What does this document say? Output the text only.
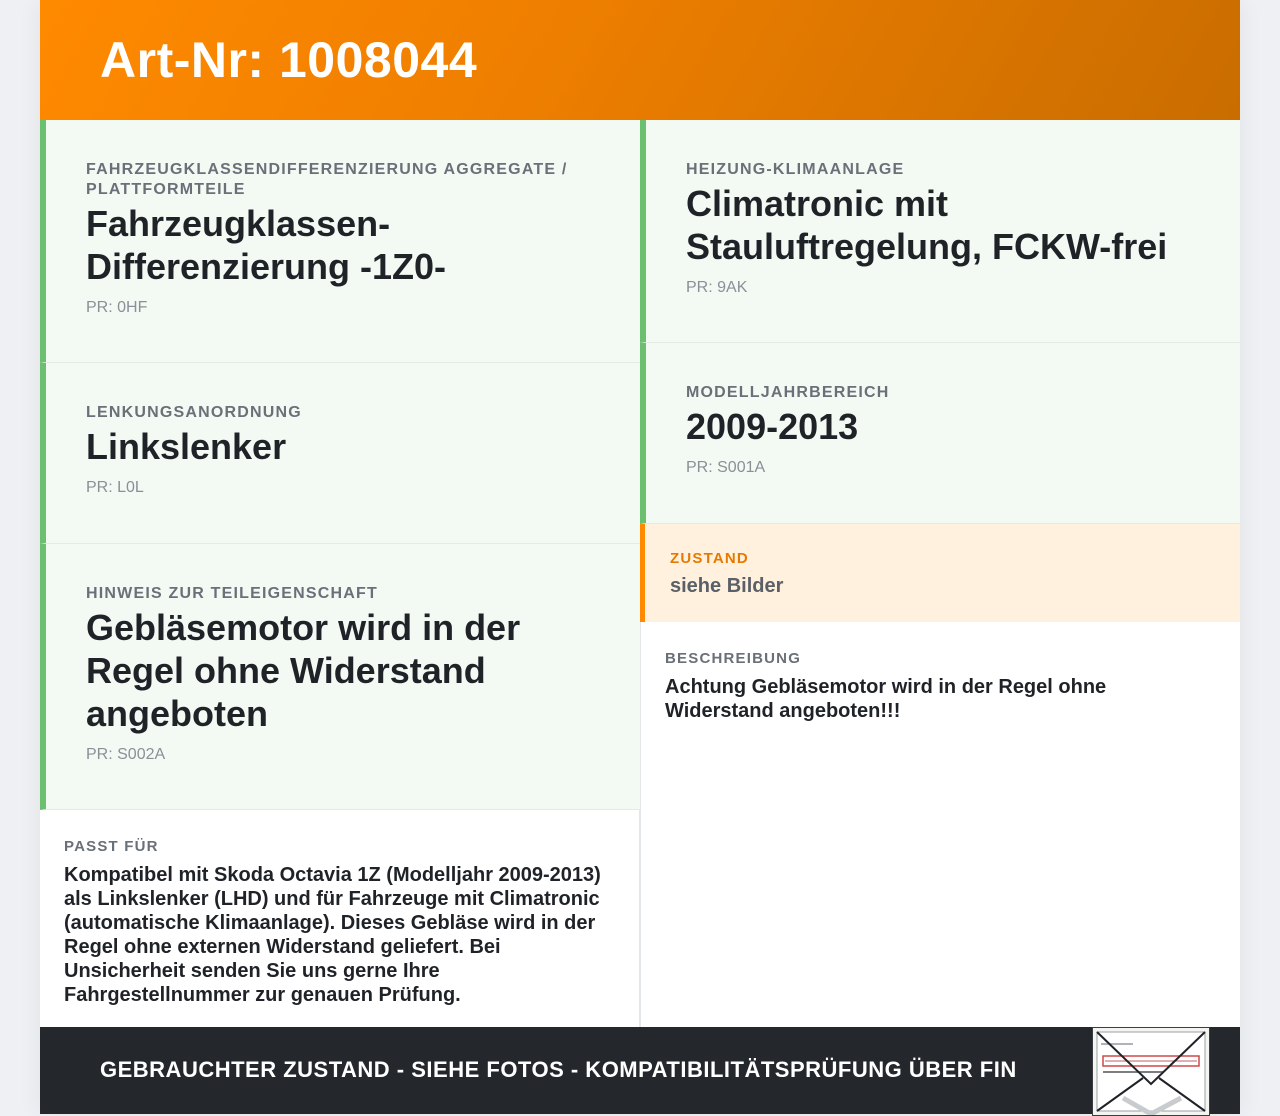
Art-Nr: 1008044
FAHRZEUGKLASSENDIFFERENZIERUNG AGGREGATE / PLATTFORMTEILE
Fahrzeugklassen-
Differenzierung -1Z0-
PR: 0HF
LENKUNGSANORDNUNG
Linkslenker
PR: L0L
HINWEIS ZUR TEILEIGENSCHAFT
Gebläsemotor wird in der
Regel ohne Widerstand
angeboten
PR: S002A
PASST FÜR
Kompatibel mit Skoda Octavia 1Z (Modelljahr 2009-2013)
als Linkslenker (LHD) und für Fahrzeuge mit Climatronic
(automatische Klimaanlage). Dieses Gebläse wird in der
Regel ohne externen Widerstand geliefert. Bei
Unsicherheit senden Sie uns gerne Ihre
Fahrgestellnummer zur genauen Prüfung.
HEIZUNG-KLIMAANLAGE
Climatronic mit
Stauluftregelung, FCKW-frei
PR: 9AK
MODELLJAHRBEREICH
2009-2013
PR: S001A
ZUSTAND
siehe Bilder
BESCHREIBUNG
Achtung Gebläsemotor wird in der Regel ohne
Widerstand angeboten!!!
GEBRAUCHTER ZUSTAND - SIEHE FOTOS - KOMPATIBILITÄTSPRÜFUNG ÜBER FIN
